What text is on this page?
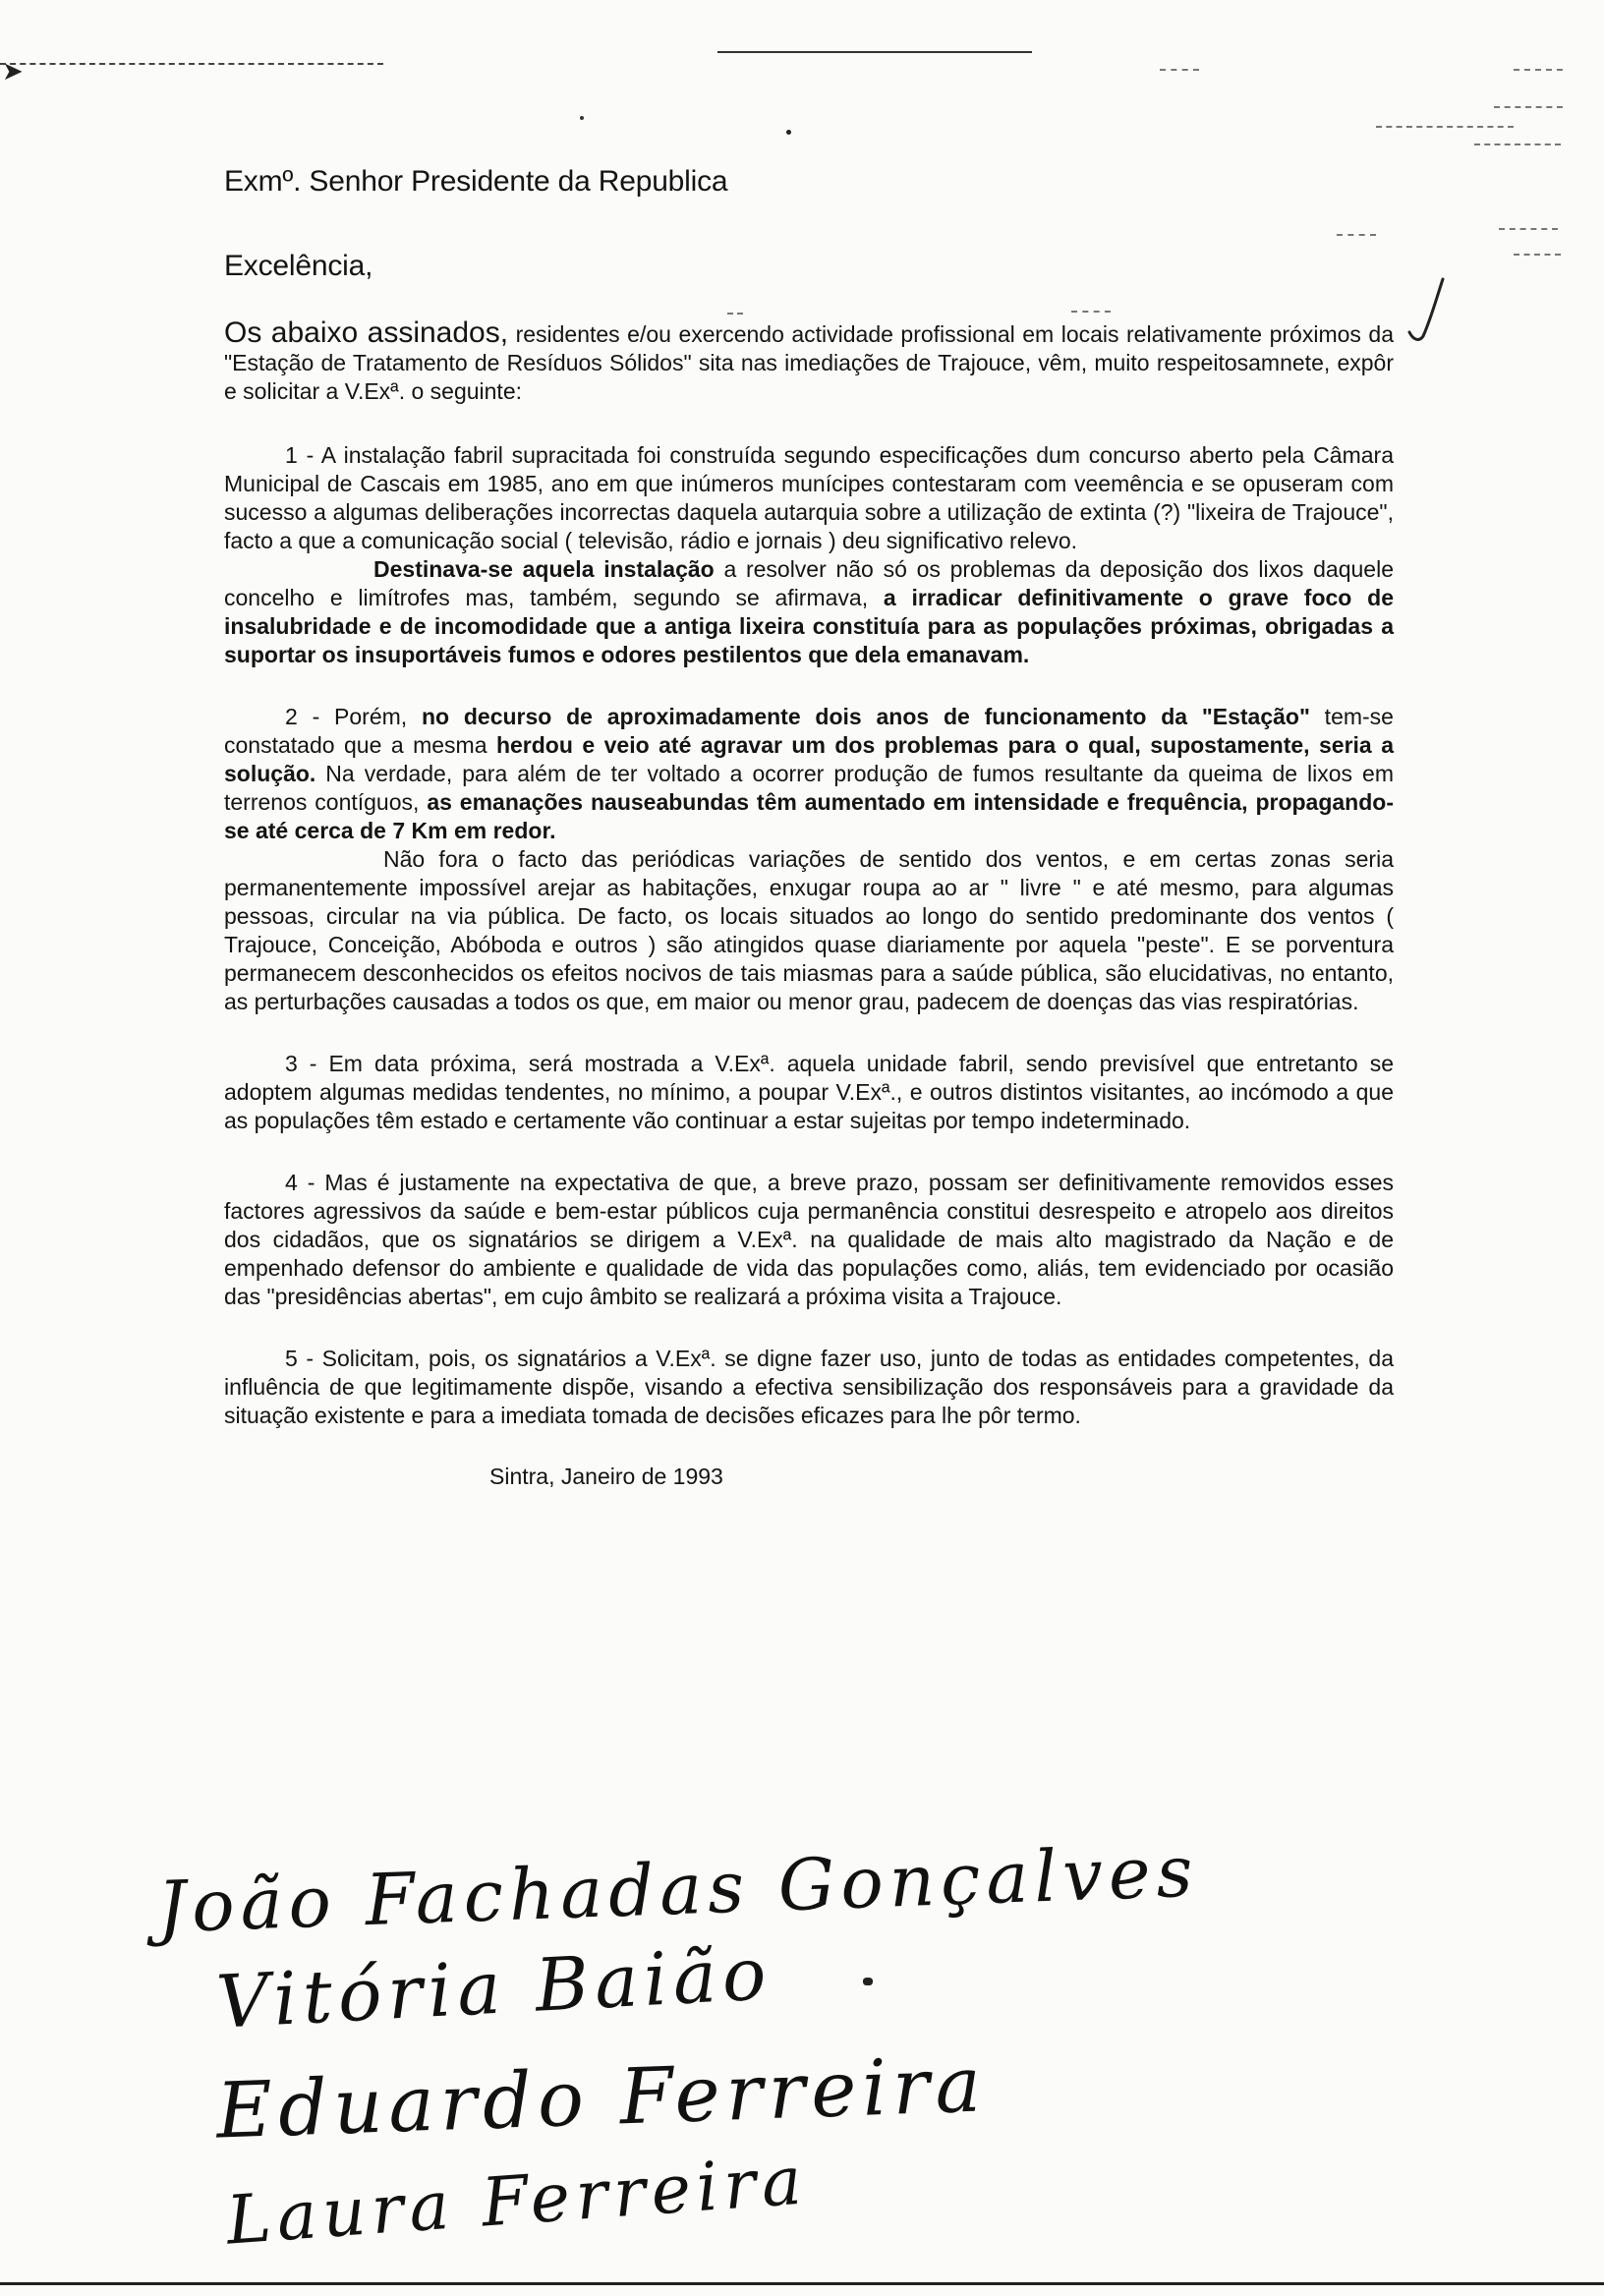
➤
Exmº. Senhor Presidente da Republica
Excelência,

Os abaixo assinados, residentes e/ou exercendo actividade profissional em locais relativamente próximos da "Estação de Tratamento de Resíduos Sólidos" sita nas imediações de Trajouce, vêm, muito respeitosamnete, expôr e solicitar a V.Exª. o seguinte:

1 - A instalação fabril supracitada foi construída segundo especificações dum concurso aberto pela Câmara Municipal de Cascais em 1985, ano em que inúmeros munícipes contestaram com veemência e se opuseram com sucesso a algumas deliberações incorrectas daquela autarquia sobre a utilização de extinta (?) "lixeira de Trajouce", facto a que a comunicação social ( televisão, rádio e jornais ) deu significativo relevo.

Destinava-se aquela instalação a resolver não só os problemas da deposição dos lixos daquele concelho e limítrofes mas, também, segundo se afirmava, a irradicar definitivamente o grave foco de insalubridade e de incomodidade que a antiga lixeira constituía para as populações próximas, obrigadas a suportar os insuportáveis fumos e odores pestilentos que dela emanavam.

2 - Porém, no decurso de aproximadamente dois anos de funcionamento da "Estação" tem-se constatado que a mesma herdou e veio até agravar um dos problemas para o qual, supostamente, seria a solução. Na verdade, para além de ter voltado a ocorrer produção de fumos resultante da queima de lixos em terrenos contíguos, as emanações nauseabundas têm aumentado em intensidade e frequência, propagando-se até cerca de 7 Km em redor.

Não fora o facto das periódicas variações de sentido dos ventos, e em certas zonas seria permanentemente impossível arejar as habitações, enxugar roupa ao ar " livre " e até mesmo, para algumas pessoas, circular na via pública. De facto, os locais situados ao longo do sentido predominante dos ventos ( Trajouce, Conceição, Abóboda e outros ) são atingidos quase diariamente por aquela "peste". E se porventura permanecem desconhecidos os efeitos nocivos de tais miasmas para a saúde pública, são elucidativas, no entanto, as perturbações causadas a todos os que, em maior ou menor grau, padecem de doenças das vias respiratórias.

3 - Em data próxima, será mostrada a V.Exª. aquela unidade fabril, sendo previsível que entretanto se adoptem algumas medidas tendentes, no mínimo, a poupar V.Exª., e outros distintos visitantes, ao incómodo a que as populações têm estado e certamente vão continuar a estar sujeitas por tempo indeterminado.

4 - Mas é justamente na expectativa de que, a breve prazo, possam ser definitivamente removidos esses factores agressivos da saúde e bem-estar públicos cuja permanência constitui desrespeito e atropelo aos direitos dos cidadãos, que os signatários se dirigem a V.Exª. na qualidade de mais alto magistrado da Nação e de empenhado defensor do ambiente e qualidade de vida das populações como, aliás, tem evidenciado por ocasião das "presidências abertas", em cujo âmbito se realizará a próxima visita a Trajouce.

5 - Solicitam, pois, os signatários a V.Exª. se digne fazer uso, junto de todas as entidades competentes, da influência de que legitimamente dispõe, visando a efectiva sensibilização dos responsáveis para a gravidade da situação existente e para a imediata tomada de decisões eficazes para lhe pôr termo.

Sintra, Janeiro de 1993
João Fachadas Gonçalves
Vitória Baião
Eduardo Ferreira
Laura Ferreira
